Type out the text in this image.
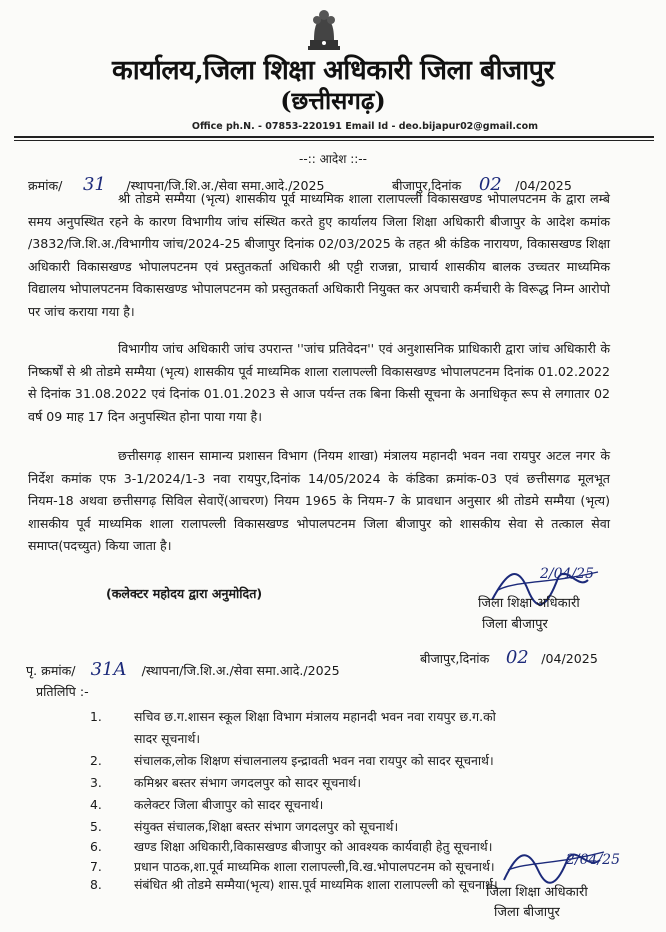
कार्यालय,जिला शिक्षा अधिकारी जिला बीजापुर
(छत्तीसगढ़)
Office ph.N. - 07853-220191 Email Id - deo.bijapur02@gmail.com
--:: आदेश ::--
क्रमांक/ 31 /स्थापना/जि.शि.अ./सेवा समा.आदे./2025	बीजापुर,दिनांक 02 /04/2025

श्री तोडमे सम्मैया (भृत्य) शासकीय पूर्व माध्यमिक शाला रालापल्ली विकासखण्ड भोपालपटनम के द्वारा लम्बे समय अनुपस्थित रहने के कारण विभागीय जांच संस्थित करते हुए कार्यालय जिला शिक्षा अधिकारी बीजापुर के आदेश कमांक /3832/जि.शि.अ./विभागीय जांच/2024-25 बीजापुर दिनांक 02/03/2025 के तहत श्री कंडिक नारायण, विकासखण्ड शिक्षा अधिकारी विकासखण्ड भोपालपटनम एवं प्रस्तुतकर्ता अधिकारी श्री एट्टी राजन्ना, प्राचार्य शासकीय बालक उच्चतर माध्यमिक विद्यालय भोपालपटनम विकासखण्ड भोपालपटनम को प्रस्तुतकर्ता अधिकारी नियुक्त कर अपचारी कर्मचारी के विरूद्ध निम्न आरोपो पर जांच कराया गया है।

विभागीय जांच अधिकारी जांच उपरान्त ''जांच प्रतिवेदन'' एवं अनुशासनिक प्राधिकारी द्वारा जांच अधिकारी के निष्कर्षों से श्री तोडमे सम्मैया (भृत्य) शासकीय पूर्व माध्यमिक शाला रालापल्ली विकासखण्ड भोपालपटनम दिनांक 01.02.2022 से दिनांक 31.08.2022 एवं दिनांक 01.01.2023 से आज पर्यन्त तक बिना किसी सूचना के अनाधिकृत रूप से लगातार 02 वर्ष 09 माह 17 दिन अनुपस्थित होना पाया गया है।

छत्तीसगढ़ शासन सामान्य प्रशासन विभाग (नियम शाखा) मंत्रालय महानदी भवन नवा रायपुर अटल नगर के निर्देश कमांक एफ 3-1/2024/1-3 नवा रायपुर,दिनांक 14/05/2024 के कंडिका क्रमांक-03 एवं छत्तीसगढ मूलभूत नियम-18 अथवा छत्तीसगढ़ सिविल सेवाऐं(आचरण) नियम 1965 के नियम-7 के प्रावधान अनुसार श्री तोडमे सम्मैया (भृत्य) शासकीय पूर्व माध्यमिक शाला रालापल्ली विकासखण्ड भोपालपटनम जिला बीजापुर को शासकीय सेवा से तत्काल सेवा समाप्त(पदच्युत) किया जाता है।

(कलेक्टर महोदय द्वारा अनुमोदित)
2/04/25
जिला शिक्षा अधिकारी
जिला बीजापुर
पृ. क्रमांक/ 31A /स्थापना/जि.शि.अ./सेवा समा.आदे./2025
बीजापुर,दिनांक 02 /04/2025
प्रतिलिपि :-
1.	सचिव छ.ग.शासन स्कूल शिक्षा विभाग मंत्रालय महानदी भवन नवा रायपुर छ.ग.को
सादर सूचनार्थ।
2.	संचालक,लोक शिक्षण संचालनालय इन्द्रावती भवन नवा रायपुर को सादर सूचनार्थ।
3.	कमिश्नर बस्तर संभाग जगदलपुर को सादर सूचनार्थ।
4.	कलेक्टर जिला बीजापुर को सादर सूचनार्थ।
5.	संयुक्त संचालक,शिक्षा बस्तर संभाग जगदलपुर को सूचनार्थ।
6.	खण्ड शिक्षा अधिकारी,विकासखण्ड बीजापुर को आवश्यक कार्यवाही हेतु सूचनार्थ।
7.	प्रधान पाठक,शा.पूर्व माध्यमिक शाला रालापल्ली,वि.ख.भोपालपटनम को सूचनार्थ।
8.	संबंधित श्री तोडमे सम्मैया(भृत्य) शास.पूर्व माध्यमिक शाला रालापल्ली को सूचनार्थ।
2/04/25
जिला शिक्षा अधिकारी
जिला बीजापुर
